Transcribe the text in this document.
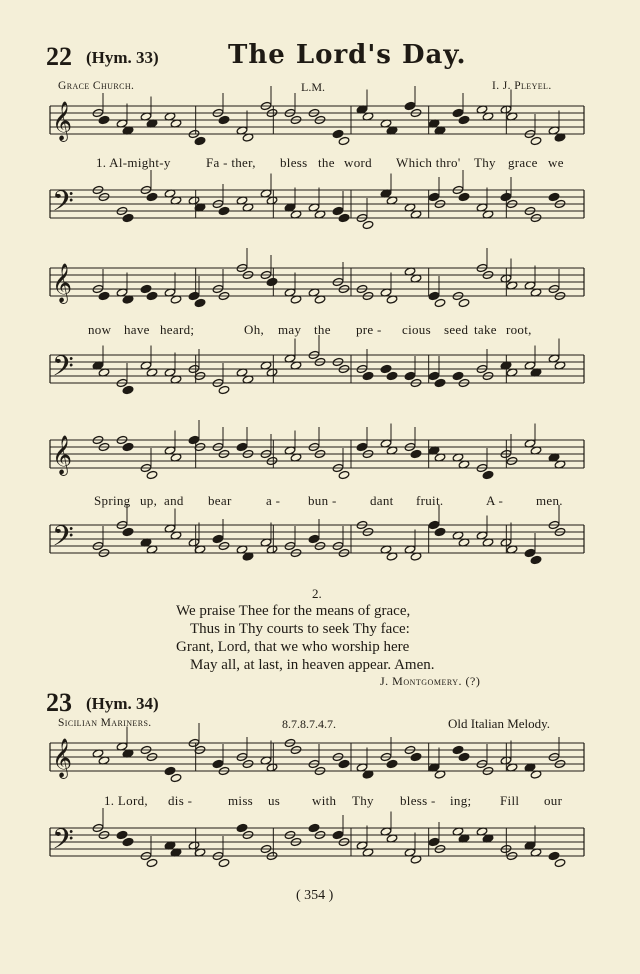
22 (Hym. 33)	The Lord's Day.
Grace Church.	L.M.	I. J. Pleyel.
𝄞
1. Al-might-y	Fa - ther, bless the word Which thro' Thy grace we
𝄢
𝄞
now have heard;	Oh, may the pre - cious seed take root,
𝄢
𝄞
Spring up, and bear	a - bun -	dant fruit.	A -	men.
𝄢
2.
We praise Thee for the means of grace,
Thus in Thy courts to seek Thy face:
Grant, Lord, that we who worship here
May all, at last, in heaven appear. Amen.
J. Montgomery. (?)
23 (Hym. 34)
Sicilian Mariners.	8.7.8.7.4.7.	Old Italian Melody.
𝄞
1. Lord, dis -	miss us with Thy bless - ing; Fill our
𝄢
( 354 )
